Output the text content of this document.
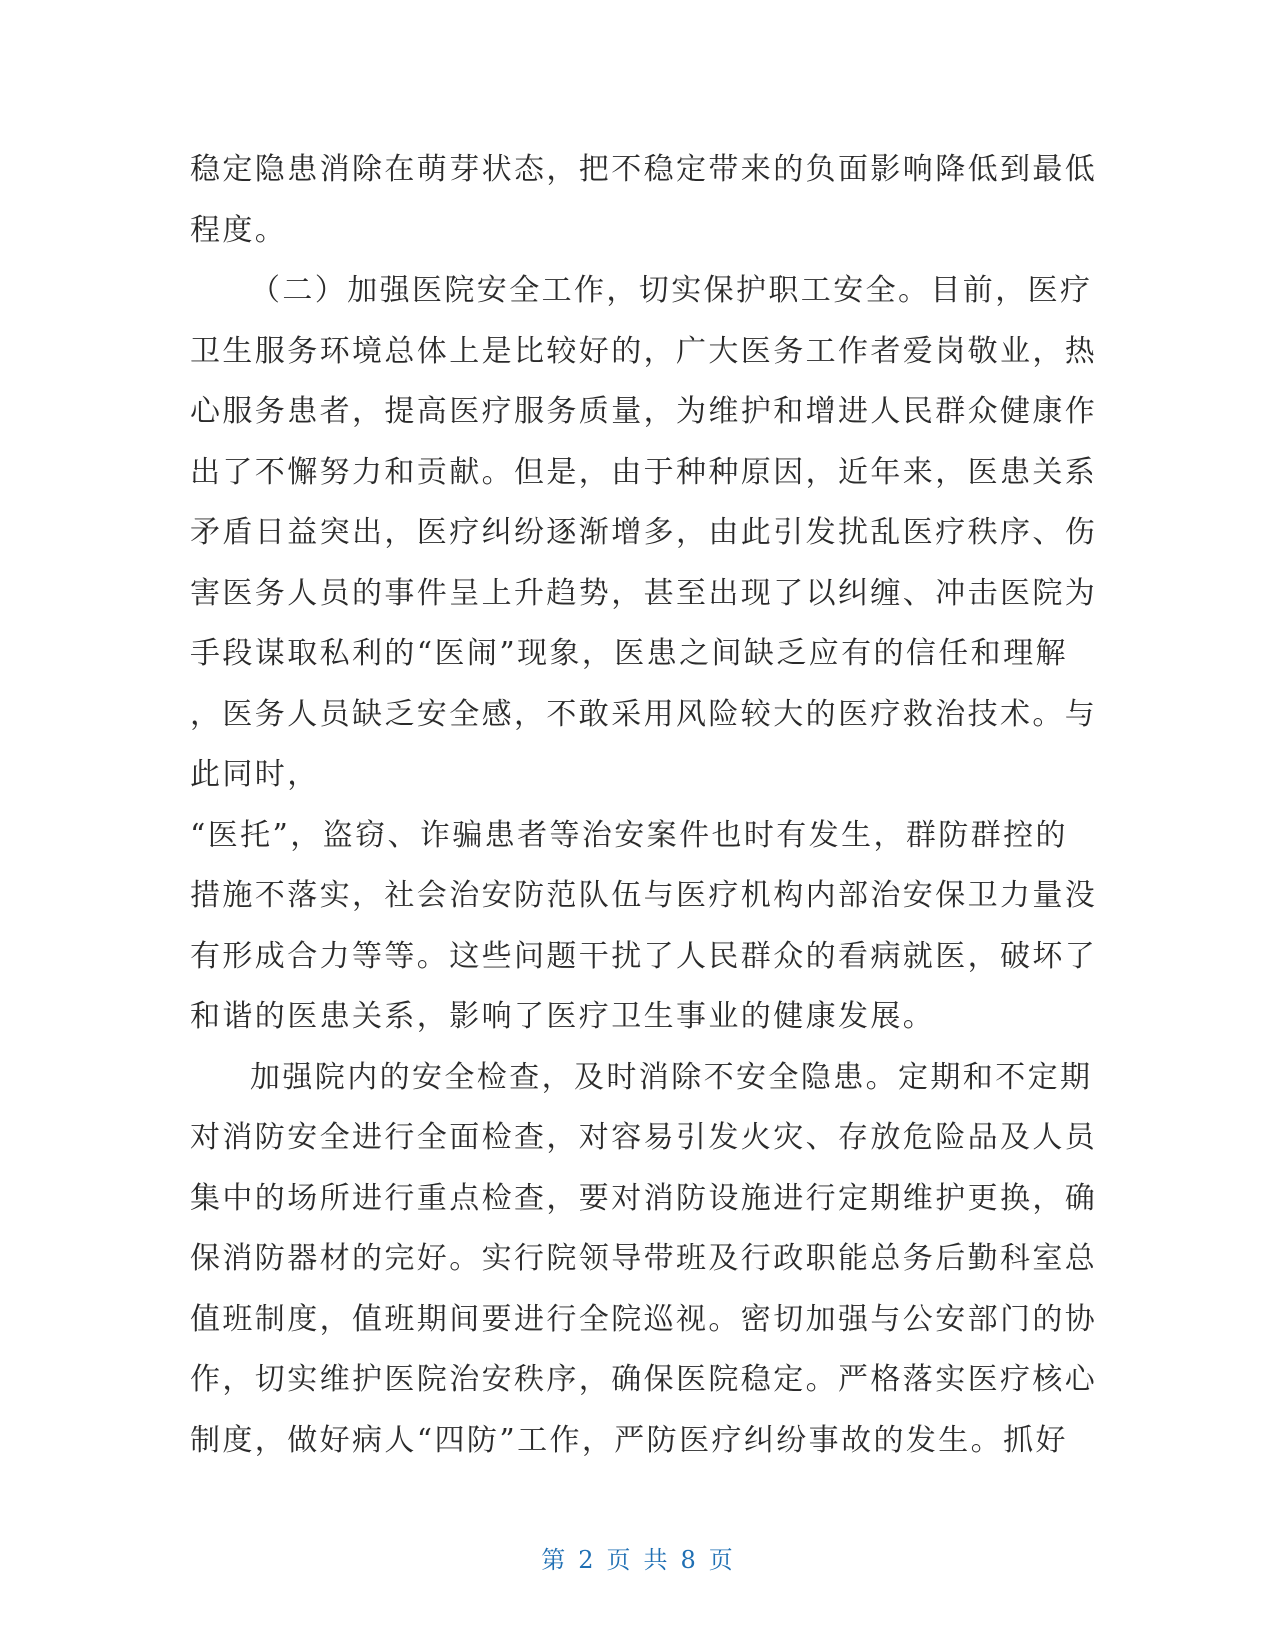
稳定隐患消除在萌芽状态，把不稳定带来的负面影响降低到最低
程度。
（二）加强医院安全工作，切实保护职工安全。目前，医疗
卫生服务环境总体上是比较好的，广大医务工作者爱岗敬业，热
心服务患者，提高医疗服务质量，为维护和增进人民群众健康作
出了不懈努力和贡献。但是，由于种种原因，近年来，医患关系
矛盾日益突出，医疗纠纷逐渐增多，由此引发扰乱医疗秩序、伤
害医务人员的事件呈上升趋势，甚至出现了以纠缠、冲击医院为
手段谋取私利的“医闹”现象，医患之间缺乏应有的信任和理解
，医务人员缺乏安全感，不敢采用风险较大的医疗救治技术。与
此同时，
“医托”，盗窃、诈骗患者等治安案件也时有发生，群防群控的
措施不落实，社会治安防范队伍与医疗机构内部治安保卫力量没
有形成合力等等。这些问题干扰了人民群众的看病就医，破坏了
和谐的医患关系，影响了医疗卫生事业的健康发展。
加强院内的安全检查，及时消除不安全隐患。定期和不定期
对消防安全进行全面检查，对容易引发火灾、存放危险品及人员
集中的场所进行重点检查，要对消防设施进行定期维护更换，确
保消防器材的完好。实行院领导带班及行政职能总务后勤科室总
值班制度，值班期间要进行全院巡视。密切加强与公安部门的协
作，切实维护医院治安秩序，确保医院稳定。严格落实医疗核心
制度，做好病人“四防”工作，严防医疗纠纷事故的发生。抓好
第 2 页 共 8 页
